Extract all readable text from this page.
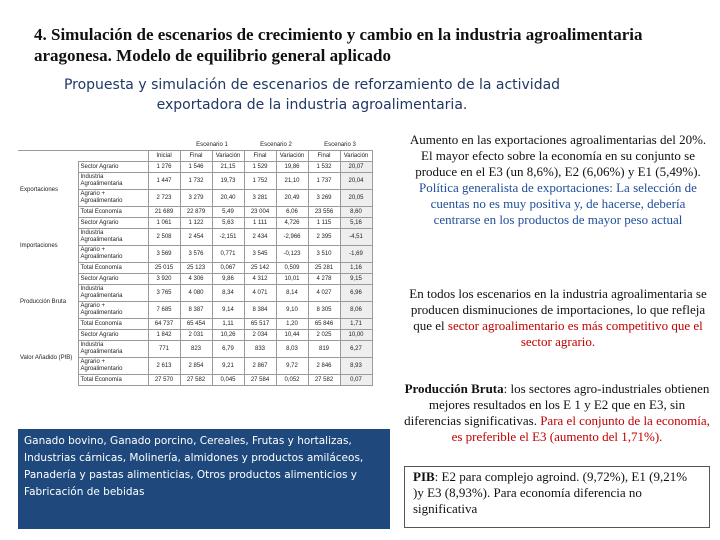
4. Simulación de escenarios de crecimiento y cambio en la industria agroalimentaria aragonesa. Modelo de equilibrio general aplicado
Propuesta y simulación de escenarios de reforzamiento de la actividad exportadora de la industria agroalimentaria.
			Escenario 1		Escenario 2		Escenario 3	
		Inicial	Final	Variación	Final	Variación	Final	Variación
Exportaciones	Sector Agrario	1 276	1 546	21,15	1 529	19,86	1 532	20,07
	Industria Agroalimentaria	1 447	1 732	19,73	1 752	21,10	1 737	20,04
	Agrario + Agroalimentario	2 723	3 279	20,40	3 281	20,49	3 269	20,05
	Total Economía	21 689	22 879	5,49	23 004	6,06	23 556	8,60
Importaciones	Sector Agrario	1 061	1 122	5,63	1 111	4,726	1 115	5,16
	Industria Agroalimentaria	2 508	2 454	-2,151	2 434	-2,966	2 395	-4,51
	Agrario + Agroalimentario	3 569	3 576	0,771	3 545	-0,123	3 510	-1,69
	Total Economía	25 015	25 123	0,067	25 142	0,509	25 281	1,16
Producción Bruta	Sector Agrario	3 920	4 306	9,86	4 312	10,01	4 278	9,15
	Industria Agroalimentaria	3 765	4 080	8,34	4 071	8,14	4 027	6,96
	Agrario + Agroalimentario	7 685	8 387	9,14	8 384	9,10	8 305	8,06
	Total Economía	64 737	65 454	1,11	65 517	1,20	65 846	1,71
Valor Añadido (PIB)	Sector Agrario	1 842	2 031	10,26	2 034	10,44	2 025	10,00
	Industria Agroalimentaria	771	823	6,79	833	8,03	819	6,27
	Agrario + Agroalimentario	2 613	2 854	9,21	2 867	9,72	2 846	8,93
	Total Economía	27 570	27 582	0,045	27 584	0,052	27 582	0,07
Ganado bovino, Ganado porcino, Cereales, Frutas y hortalizas, Industrias cárnicas, Molinería, almidones y productos amiláceos, Panadería y pastas alimenticias, Otros productos alimenticios y Fabricación de bebidas
Aumento en las exportaciones agroalimentarias del 20%. El mayor efecto sobre la economía en su conjunto se produce en el E3 (un 8,6%), E2 (6,06%) y E1 (5,49%). Política generalista de exportaciones: La selección de cuentas no es muy positiva y, de hacerse, debería centrarse en los productos de mayor peso actual
En todos los escenarios en la industria agroalimentaria se producen disminuciones de importaciones, lo que refleja que el sector agroalimentario es más competitivo que el sector agrario.
Producción Bruta: los sectores agro-industriales obtienen mejores resultados en los E 1 y E2 que en E3, sin diferencias significativas. Para el conjunto de la economía, es preferible el E3 (aumento del 1,71%).
PIB: E2 para complejo agroind. (9,72%), E1 (9,21% )y E3 (8,93%). Para economía diferencia no significativa
